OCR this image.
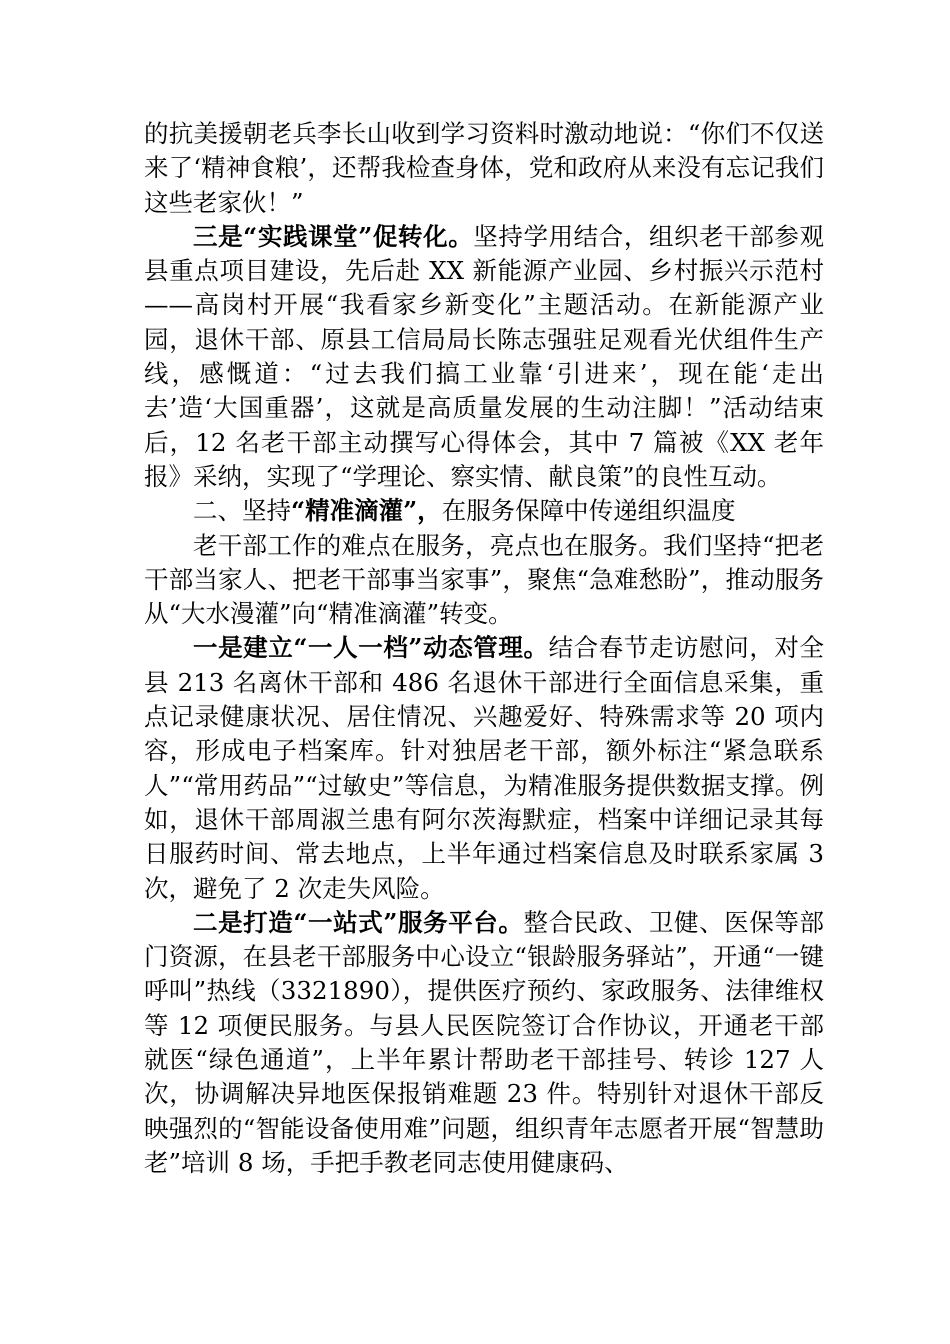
的抗美援朝老兵李长山收到学习资料时激动地说：“你们不仅送来了‘精神食粮’，还帮我检查身体，党和政府从来没有忘记我们这些老家伙！”

三是“实践课堂”促转化。坚持学用结合，组织老干部参观县重点项目建设，先后赴 XX 新能源产业园、乡村振兴示范村——高岗村开展“我看家乡新变化”主题活动。在新能源产业园，退休干部、原县工信局局长陈志强驻足观看光伏组件生产线，感慨道：“过去我们搞工业靠‘引进来’，现在能‘走出去’造‘大国重器’，这就是高质量发展的生动注脚！”活动结束后，12 名老干部主动撰写心得体会，其中 7 篇被《XX 老年报》采纳，实现了“学理论、察实情、献良策”的良性互动。

二、坚持“精准滴灌”，在服务保障中传递组织温度

老干部工作的难点在服务，亮点也在服务。我们坚持“把老干部当家人、把老干部事当家事”，聚焦“急难愁盼”，推动服务从“大水漫灌”向“精准滴灌”转变。

一是建立“一人一档”动态管理。结合春节走访慰问，对全县 213 名离休干部和 486 名退休干部进行全面信息采集，重点记录健康状况、居住情况、兴趣爱好、特殊需求等 20 项内容，形成电子档案库。针对独居老干部，额外标注“紧急联系人”“常用药品”“过敏史”等信息，为精准服务提供数据支撑。例如，退休干部周淑兰患有阿尔茨海默症，档案中详细记录其每日服药时间、常去地点，上半年通过档案信息及时联系家属 3 次，避免了 2 次走失风险。

二是打造“一站式”服务平台。整合民政、卫健、医保等部门资源，在县老干部服务中心设立“银龄服务驿站”，开通“一键呼叫”热线（3321890），提供医疗预约、家政服务、法律维权等 12 项便民服务。与县人民医院签订合作协议，开通老干部就医“绿色通道”，上半年累计帮助老干部挂号、转诊 127 人次，协调解决异地医保报销难题 23 件。特别针对退休干部反映强烈的“智能设备使用难”问题，组织青年志愿者开展“智慧助老”培训 8 场，手把手教老同志使用健康码、
